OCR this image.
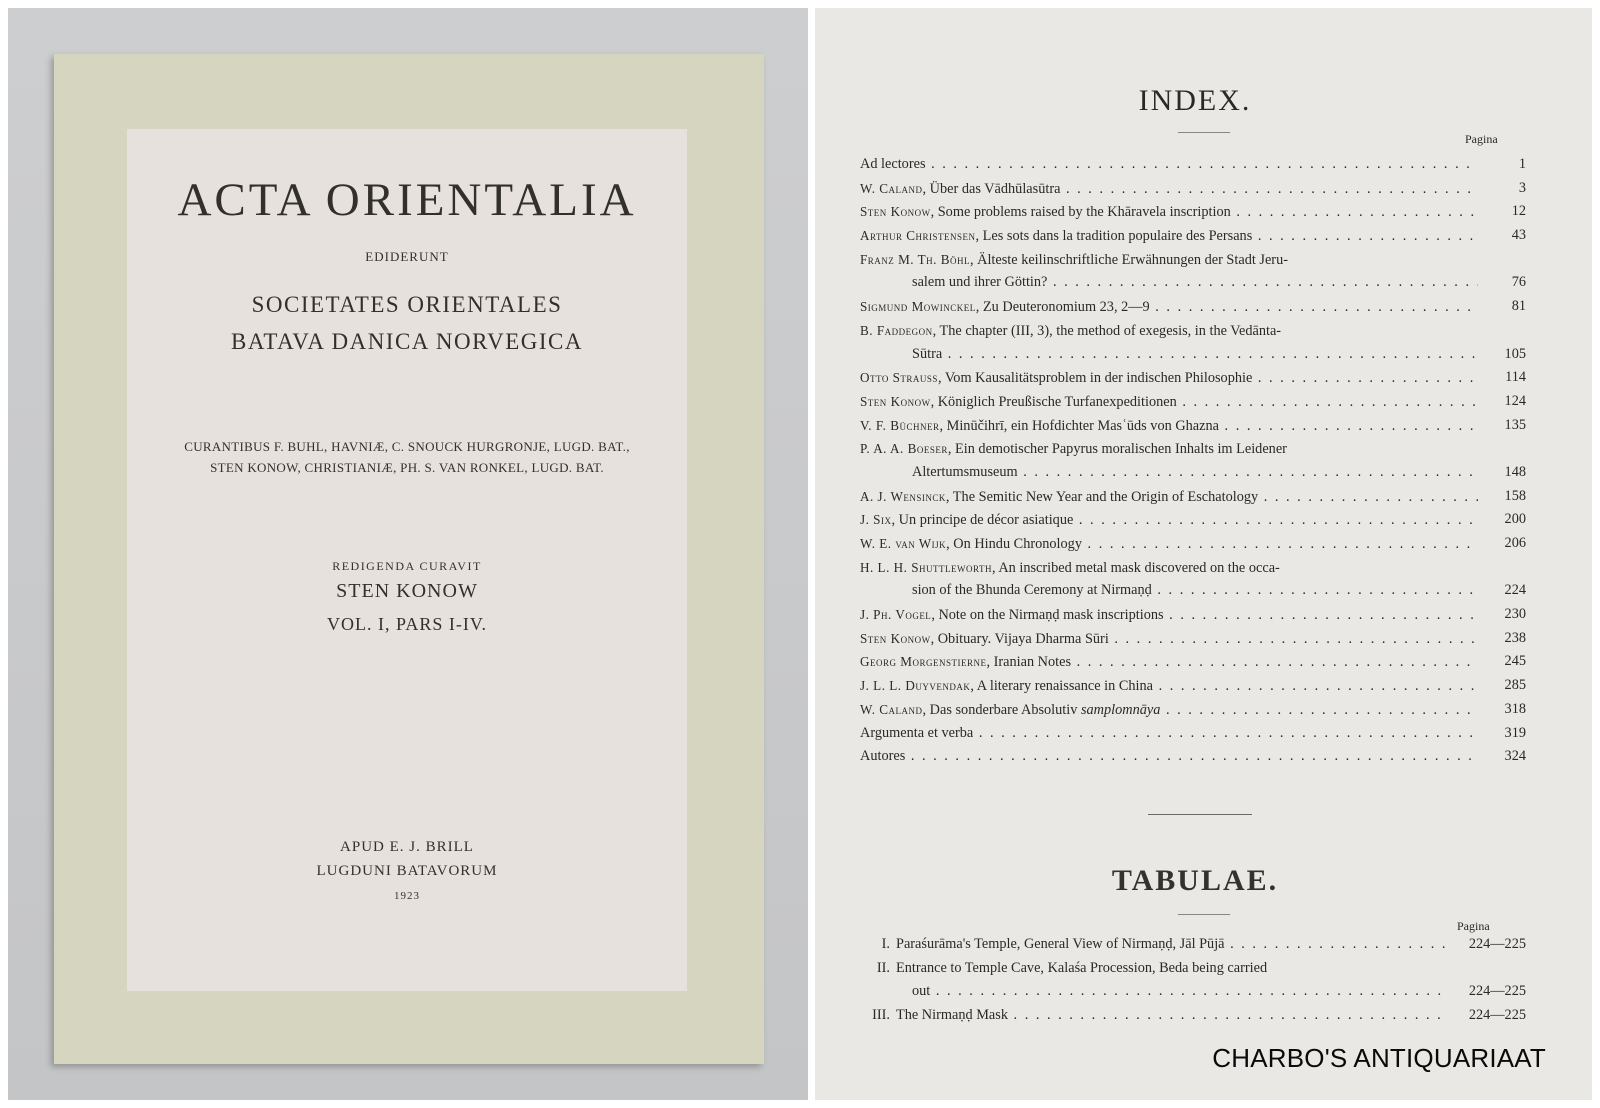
ACTA ORIENTALIA
EDIDERUNT
SOCIETATES ORIENTALES
BATAVA DANICA NORVEGICA
CURANTIBUS F. BUHL, HAVNIÆ, C. SNOUCK HURGRONJE, LUGD. BAT.,
STEN KONOW, CHRISTIANIÆ, PH. S. VAN RONKEL, LUGD. BAT.
REDIGENDA CURAVIT
STEN KONOW
VOL. I, PARS I-IV.
APUD E. J. BRILL
LUGDUNI BATAVORUM
1923
INDEX.
Pagina
Ad lectores . . .	1
W. Caland, Über das Vādhūlasūtra . . .	3
Sten Konow, Some problems raised by the Khāravela inscription . . .	12
Arthur Christensen, Les sots dans la tradition populaire des Persans . . .	43
Franz M. Th. Böhl, Älteste keilinschriftliche Erwähnungen der Stadt Jeru-
salem und ihrer Göttin? . . .	76
Sigmund Mowinckel, Zu Deuteronomium 23, 2—9 . . .	81
B. Faddegon, The chapter (III, 3), the method of exegesis, in the Vedānta-
Sūtra . . .	105
Otto Strauss, Vom Kausalitätsproblem in der indischen Philosophie . . .	114
Sten Konow, Königlich Preußische Turfanexpeditionen . . .	124
V. F. Büchner, Minūčihrī, ein Hofdichter Masʿūds von Ghazna . . .	135
P. A. A. Boeser, Ein demotischer Papyrus moralischen Inhalts im Leidener
Altertumsmuseum . . .	148
A. J. Wensinck, The Semitic New Year and the Origin of Eschatology . . .	158
J. Six, Un principe de décor asiatique . . .	200
W. E. van Wijk, On Hindu Chronology . . .	206
H. L. H. Shuttleworth, An inscribed metal mask discovered on the occa-
sion of the Bhunda Ceremony at Nirmaṇḍ . . .	224
J. Ph. Vogel, Note on the Nirmaṇḍ mask inscriptions . . .	230
Sten Konow, Obituary. Vijaya Dharma Sūri . . .	238
Georg Morgenstierne, Iranian Notes . . .	245
J. L. L. Duyvendak, A literary renaissance in China . . .	285
W. Caland, Das sonderbare Absolutiv samplomnāya . . .	318
Argumenta et verba . . .	319
Autores . . .	324
TABULAE.
Pagina
I. Paraśurāma's Temple, General View of Nirmaṇḍ, Jāl Pūjā . . .	224—225
II. Entrance to Temple Cave, Kalaśa Procession, Beda being carried
out . . .	224—225
III. The Nirmaṇḍ Mask . . .	224—225
CHARBO'S ANTIQUARIAAT
